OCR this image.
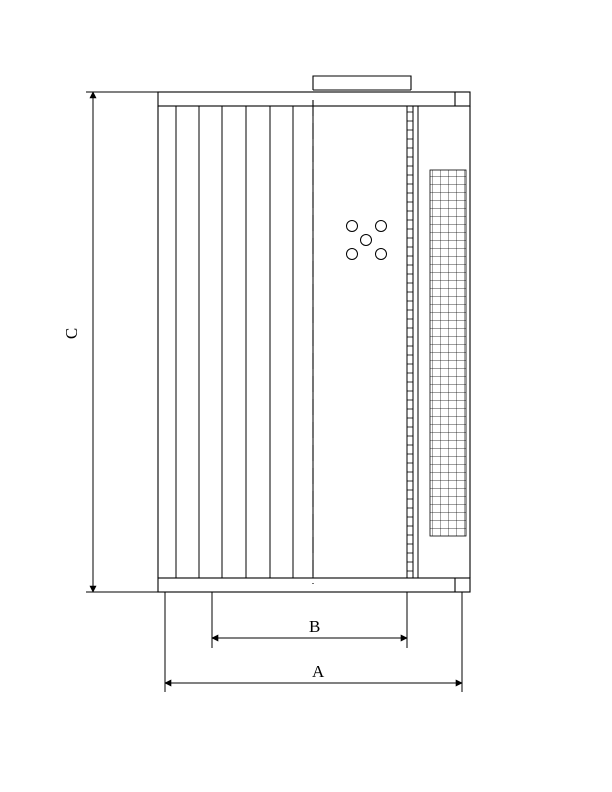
C
B
A
